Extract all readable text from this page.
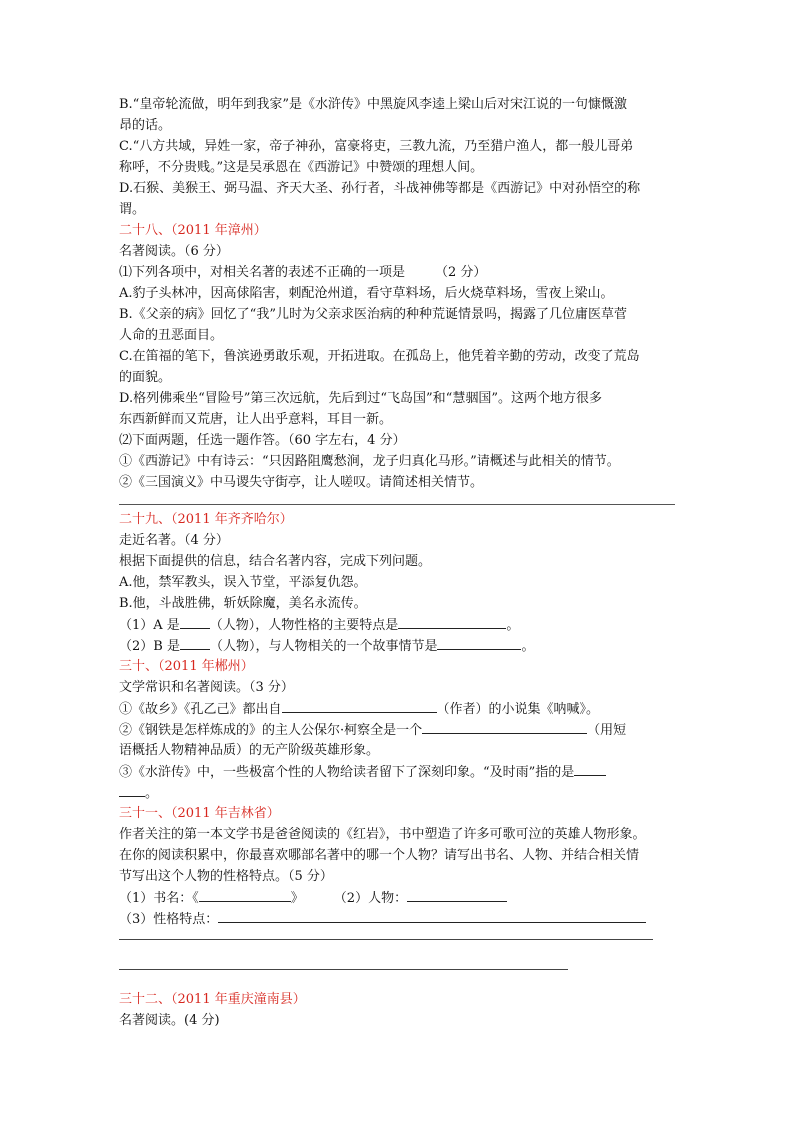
B.“皇帝轮流做，明年到我家”是《水浒传》中黑旋风李逵上梁山后对宋江说的一句慷慨激
昂的话。
C.“八方共域，异姓一家，帝子神孙，富豪将吏，三教九流，乃至猎户渔人，都一般儿哥弟
称呼，不分贵贱。”这是吴承恩在《西游记》中赞颂的理想人间。
D.石猴、美猴王、弼马温、齐天大圣、孙行者，斗战神佛等都是《西游记》中对孙悟空的称
谓。
二十八、（2011 年漳州）
名著阅读。（6 分）
⑴下列各项中，对相关名著的表述不正确的一项是 （2 分）
A.豹子头林冲，因高俅陷害，刺配沧州道，看守草料场，后火烧草料场，雪夜上梁山。
B.《父亲的病》回忆了“我”儿时为父亲求医治病的种种荒诞情景吗，揭露了几位庸医草菅
人命的丑恶面目。
C.在笛福的笔下，鲁滨逊勇敢乐观，开拓进取。在孤岛上，他凭着辛勤的劳动，改变了荒岛
的面貌。
D.格列佛乘坐“冒险号”第三次远航，先后到过“飞岛国”和“慧骃国”。这两个地方很多
东西新鲜而又荒唐，让人出乎意料，耳目一新。
⑵下面两题，任选一题作答。（60 字左右，4 分）
①《西游记》中有诗云：“只因路阻鹰愁涧，龙子归真化马形。”请概述与此相关的情节。
②《三国演义》中马谡失守街亭，让人嗟叹。请简述相关情节。
二十九、（2011 年齐齐哈尔）
走近名著。（4 分）
根据下面提供的信息，结合名著内容，完成下列问题。
A.他，禁军教头，误入节堂，平添复仇怨。
B.他，斗战胜佛，斩妖除魔，美名永流传。
（1）A 是 （人物），人物性格的主要特点是	。
（2）B 是 （人物），与人物相关的一个故事情节是	。
三十、（2011 年郴州）
文学常识和名著阅读。（3 分）
①《故乡》《孔乙己》都出自	（作者）的小说集《呐喊》。
②《钢铁是怎样炼成的》的主人公保尔·柯察全是一个	（用短
语概括人物精神品质）的无产阶级英雄形象。
③《水浒传》中，一些极富个性的人物给读者留下了深刻印象。“及时雨”指的是
。
三十一、（2011 年吉林省）
作者关注的第一本文学书是爸爸阅读的《红岩》，书中塑造了许多可歌可泣的英雄人物形象。
在你的阅读积累中，你最喜欢哪部名著中的哪一个人物？请写出书名、人物、并结合相关情
节写出这个人物的性格特点。（5 分）
（1）书名：《	》 （2）人物：
（3）性格特点：
三十二、（2011 年重庆潼南县）
名著阅读。(4 分)
